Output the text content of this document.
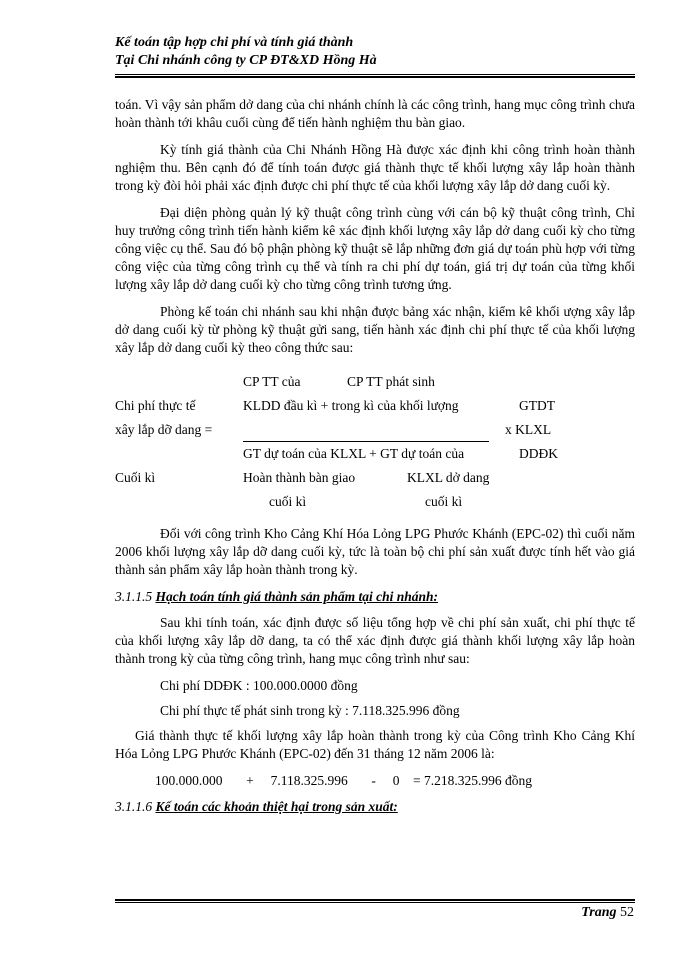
Kế toán tập hợp chi phí và tính giá thành
Tại Chi nhánh công ty CP ĐT&XD Hồng Hà

toán. Vì vậy sản phẩm dở dang của chi nhánh chính là các công trình, hang mục công trình chưa hoàn thành tới khâu cuối cùng để tiến hành nghiệm thu bàn giao.

Kỳ tính giá thành của Chi Nhánh Hồng Hà được xác định khi công trình hoàn thành nghiệm thu. Bên cạnh đó để tính toán được giá thành thực tế khối lượng xây lắp hoàn thành trong kỳ đòi hỏi phải xác định được chi phí thực tế của khối lượng xây lắp dở dang cuối kỳ.

Đại diện phòng quản lý kỹ thuật công trình cùng với cán bộ kỹ thuật công trình, Chỉ huy trưởng công trình tiến hành kiểm kê xác định khối lượng xây lắp dở dang cuối kỳ cho từng công việc cụ thể. Sau đó bộ phận phòng kỹ thuật sẽ lắp những đơn giá dự toán phù hợp với từng công việc của từng công trình cụ thể và tính ra chi phí dự toán, giá trị dự toán của từng khối lượng xây lắp dở dang cuối kỳ cho từng công trình tương ứng.

Phòng kế toán chi nhánh sau khi nhận được bảng xác nhận, kiểm kê khối ượng xây lắp dở dang cuối kỳ từ phòng kỹ thuật gửi sang, tiến hành xác định chi phí thực tế của khối lượng xây lắp dở dang cuối kỳ theo công thức sau:

CP TT của	CP TT phát sinh
Chi phí thực tế	KLDD đầu kì + trong kì của khối lượng	GTDT
xây lắp dỡ dang =	x KLXL
GT dự toán của KLXL + GT dự toán của	DDĐK
Cuối kì	Hoàn thành bàn giao	KLXL dở dang
cuối kì	cuối kì

Đối với công trình Kho Cảng Khí Hóa Lỏng LPG Phước Khánh (EPC-02) thì cuối năm 2006 khối lượng xây lắp dỡ dang cuối kỳ, tức là toàn bộ chi phí sản xuất được tính hết vào giá thành sản phẩm xây lắp hoàn thành trong kỳ.

3.1.1.5 Hạch toán tính giá thành sản phẩm tại chi nhánh:

Sau khi tính toán, xác định được số liệu tổng hợp về chi phí sản xuất, chi phí thực tế của khối lượng xây lắp dỡ dang, ta có thể xác định được giá thành khối lượng xây lắp hoàn thành trong kỳ của từng công trình, hang mục công trình như sau:

Chi phí DDĐK : 100.000.0000 đồng
Chi phí thực tế phát sinh trong kỳ : 7.118.325.996 đồng

Giá thành thực tế khối lượng xây lắp hoàn thành trong kỳ của Công trình Kho Cảng Khí Hóa Lỏng LPG Phước Khánh (EPC-02) đến 31 tháng 12 năm 2006 là:

100.000.000       +     7.118.325.996       -     0    = 7.218.325.996 đồng
3.1.1.6 Kế toán các khoản thiệt hại trong sản xuất:
Trang 52
